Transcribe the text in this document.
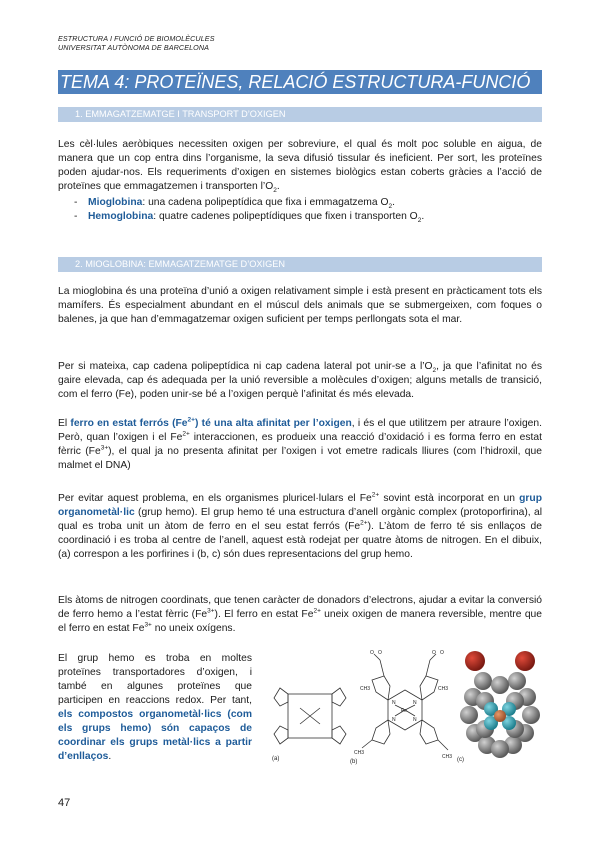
ESTRUCTURA I FUNCIÓ DE BIOMOLÈCULES
UNIVERSITAT AUTÒNOMA DE BARCELONA
TEMA 4: PROTEÏNES, RELACIÓ ESTRUCTURA-FUNCIÓ
1. EMMAGATZEMATGE I TRANSPORT D’OXIGEN

Les cèl·lules aeròbiques necessiten oxigen per sobreviure, el qual és molt poc soluble en aigua, de manera que un cop entra dins l’organisme, la seva difusió tissular és ineficient. Per sort, les proteïnes poden ajudar-nos. Els requeriments d’oxigen en sistemes biològics estan coberts gràcies a l’acció de proteïnes que emmagatzemen i transporten $l’O_2$.

- Mioglobina: una cadena polipeptídica que fixa i emmagatzema $O_2$.
- Hemoglobina: quatre cadenes polipeptídiques que fixen i transporten $O_2$.
2. MIOGLOBINA: EMMAGATZEMATGE D’OXIGEN

La mioglobina és una proteïna d’unió a oxigen relativament simple i està present en pràcticament tots els mamífers. És especialment abundant en el múscul dels animals que se submergeixen, com foques o balenes, ja que han d’emmagatzemar oxigen suficient per temps perllongats sota el mar.

Per si mateixa, cap cadena polipeptídica ni cap cadena lateral pot unir-se a $l’O_2$, ja que l’afinitat no és gaire elevada, cap és adequada per la unió reversible a molècules d’oxigen; alguns metalls de transició, com el ferro (Fe), poden unir-se bé a l’oxigen perquè l’afinitat és més elevada.

El ferro en estat ferrós $(Fe^{2+})$ té una alta afinitat per l’oxigen, i és el que utilitzem per atraure l’oxigen. Però, quan l’oxigen i el $Fe^{2+}$ interaccionen, es produeix una reacció d’oxidació i es forma ferro en estat fèrric $(Fe^{3+})$, el qual ja no presenta afinitat per l’oxigen i vot emetre radicals lliures (com l’hidroxil, que malmet el DNA)

Per evitar aquest problema, en els organismes pluricel·lulars el $Fe^{2+}$ sovint està incorporat en un grup organometàl·lic (grup hemo). El grup hemo té una estructura d’anell orgànic complex (protoporfirina), al qual es troba unit un àtom de ferro en el seu estat ferrós $(Fe^{2+})$. L’àtom de ferro té sis enllaços de coordinació i es troba al centre de l’anell, aquest està rodejat per quatre àtoms de nitrogen. En el dibuix, (a) correspon a les porfirines i (b, c) són dues representacions del grup hemo.

Els àtoms de nitrogen coordinats, que tenen caràcter de donadors d’electrons, ajudar a evitar la conversió de ferro hemo a l’estat fèrric $(Fe^{3+})$. El ferro en estat $Fe^{2+}$ uneix oxigen de manera reversible, mentre que el ferro en estat $Fe^{3+}$ no uneix oxígens.

El grup hemo es troba en moltes proteïnes transportadores d’oxigen, i també en algunes proteïnes que participen en reaccions redox. Per tant, els compostos organometàl·lics (com els grups hemo) són capaços de coordinar els grups metàl·lics a partir d’enllaços.	(a)
O O	O O
N	N
N	N
Fe
CH3	CH3
CH3
CH3
(b)	(c)
47
